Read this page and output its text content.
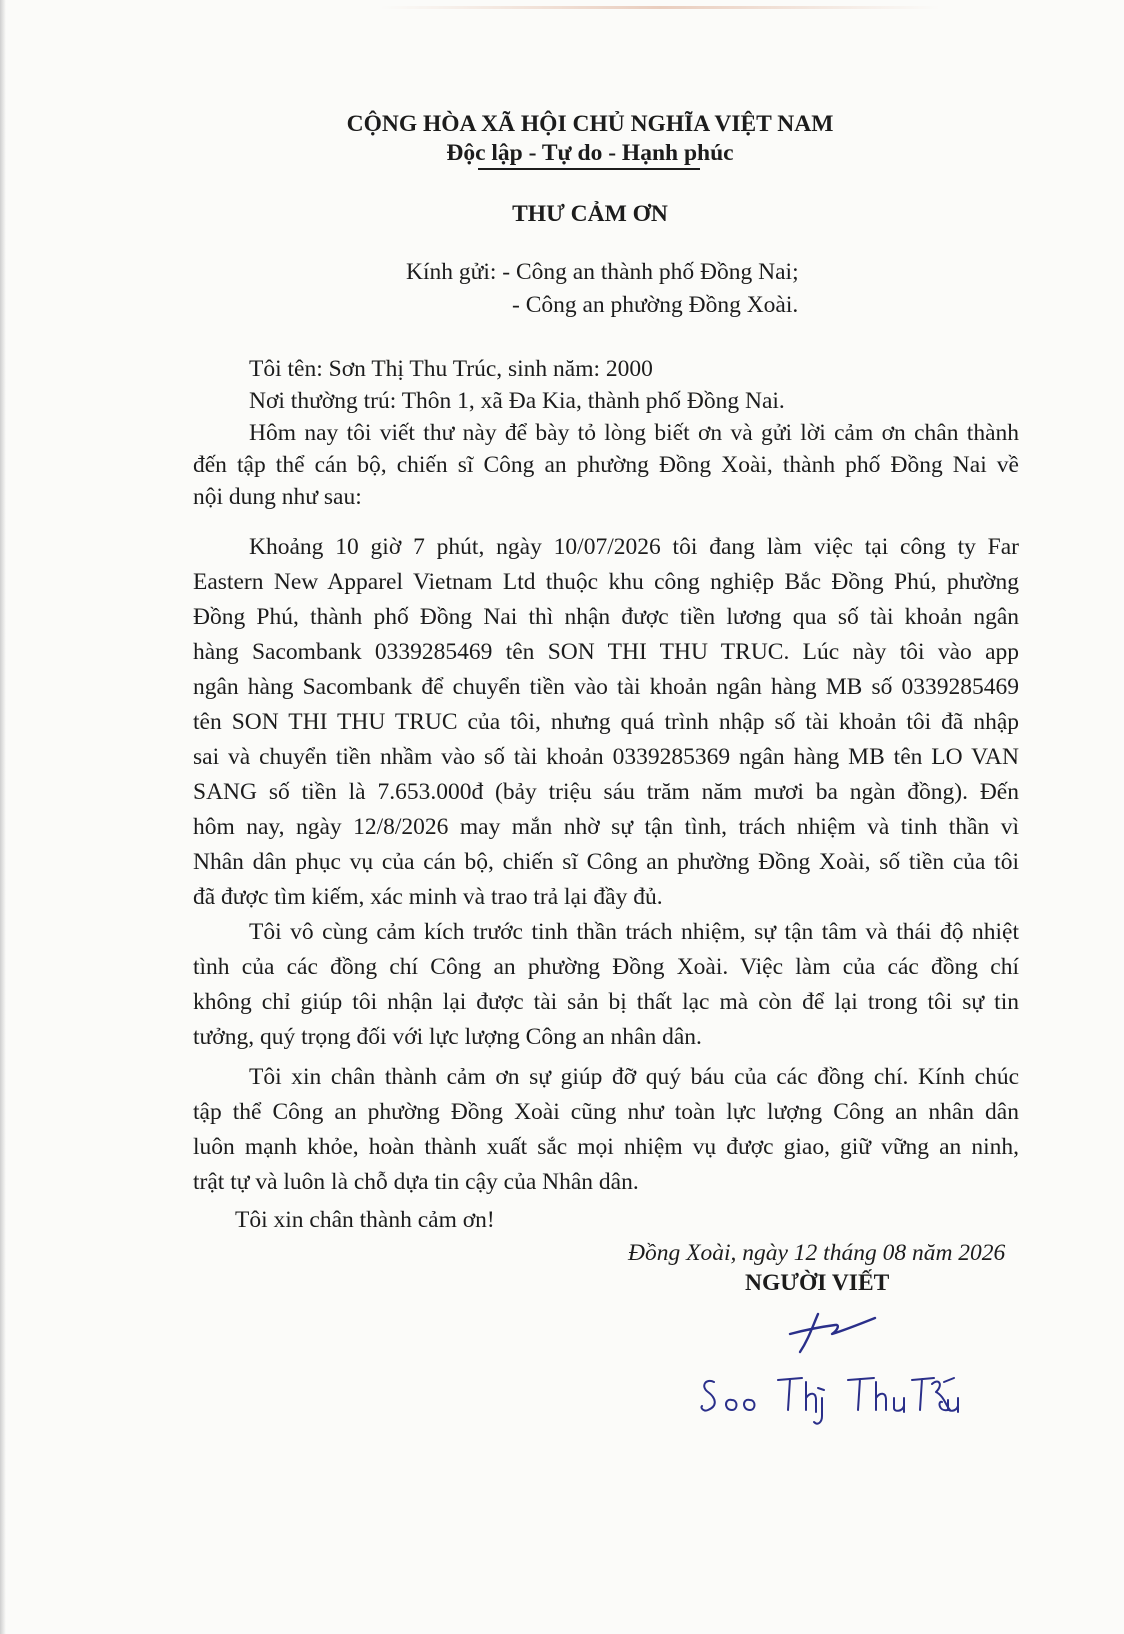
CỘNG HÒA XÃ HỘI CHỦ NGHĨA VIỆT NAM
Độc lập - Tự do - Hạnh phúc
THƯ CẢM ƠN
Kính gửi: - Công an thành phố Đồng Nai;
- Công an phường Đồng Xoài.
Tôi tên: Sơn Thị Thu Trúc, sinh năm: 2000
Nơi thường trú: Thôn 1, xã Đa Kia, thành phố Đồng Nai.
Hôm nay tôi viết thư này để bày tỏ lòng biết ơn và gửi lời cảm ơn chân thành
đến tập thể cán bộ, chiến sĩ Công an phường Đồng Xoài, thành phố Đồng Nai về
nội dung như sau:
Khoảng 10 giờ 7 phút, ngày 10/07/2026 tôi đang làm việc tại công ty Far
Eastern New Apparel Vietnam Ltd thuộc khu công nghiệp Bắc Đồng Phú, phường
Đồng Phú, thành phố Đồng Nai thì nhận được tiền lương qua số tài khoản ngân
hàng Sacombank 0339285469 tên SON THI THU TRUC. Lúc này tôi vào app
ngân hàng Sacombank để chuyển tiền vào tài khoản ngân hàng MB số 0339285469
tên SON THI THU TRUC của tôi, nhưng quá trình nhập số tài khoản tôi đã nhập
sai và chuyển tiền nhầm vào số tài khoản 0339285369 ngân hàng MB tên LO VAN
SANG số tiền là 7.653.000đ (bảy triệu sáu trăm năm mươi ba ngàn đồng). Đến
hôm nay, ngày 12/8/2026 may mắn nhờ sự tận tình, trách nhiệm và tinh thần vì
Nhân dân phục vụ của cán bộ, chiến sĩ Công an phường Đồng Xoài, số tiền của tôi
đã được tìm kiếm, xác minh và trao trả lại đầy đủ.
Tôi vô cùng cảm kích trước tinh thần trách nhiệm, sự tận tâm và thái độ nhiệt
tình của các đồng chí Công an phường Đồng Xoài. Việc làm của các đồng chí
không chỉ giúp tôi nhận lại được tài sản bị thất lạc mà còn để lại trong tôi sự tin
tưởng, quý trọng đối với lực lượng Công an nhân dân.
Tôi xin chân thành cảm ơn sự giúp đỡ quý báu của các đồng chí. Kính chúc
tập thể Công an phường Đồng Xoài cũng như toàn lực lượng Công an nhân dân
luôn mạnh khỏe, hoàn thành xuất sắc mọi nhiệm vụ được giao, giữ vững an ninh,
trật tự và luôn là chỗ dựa tin cậy của Nhân dân.
Tôi xin chân thành cảm ơn!
Đồng Xoài, ngày 12 tháng 08 năm 2026
NGƯỜI VIẾT
